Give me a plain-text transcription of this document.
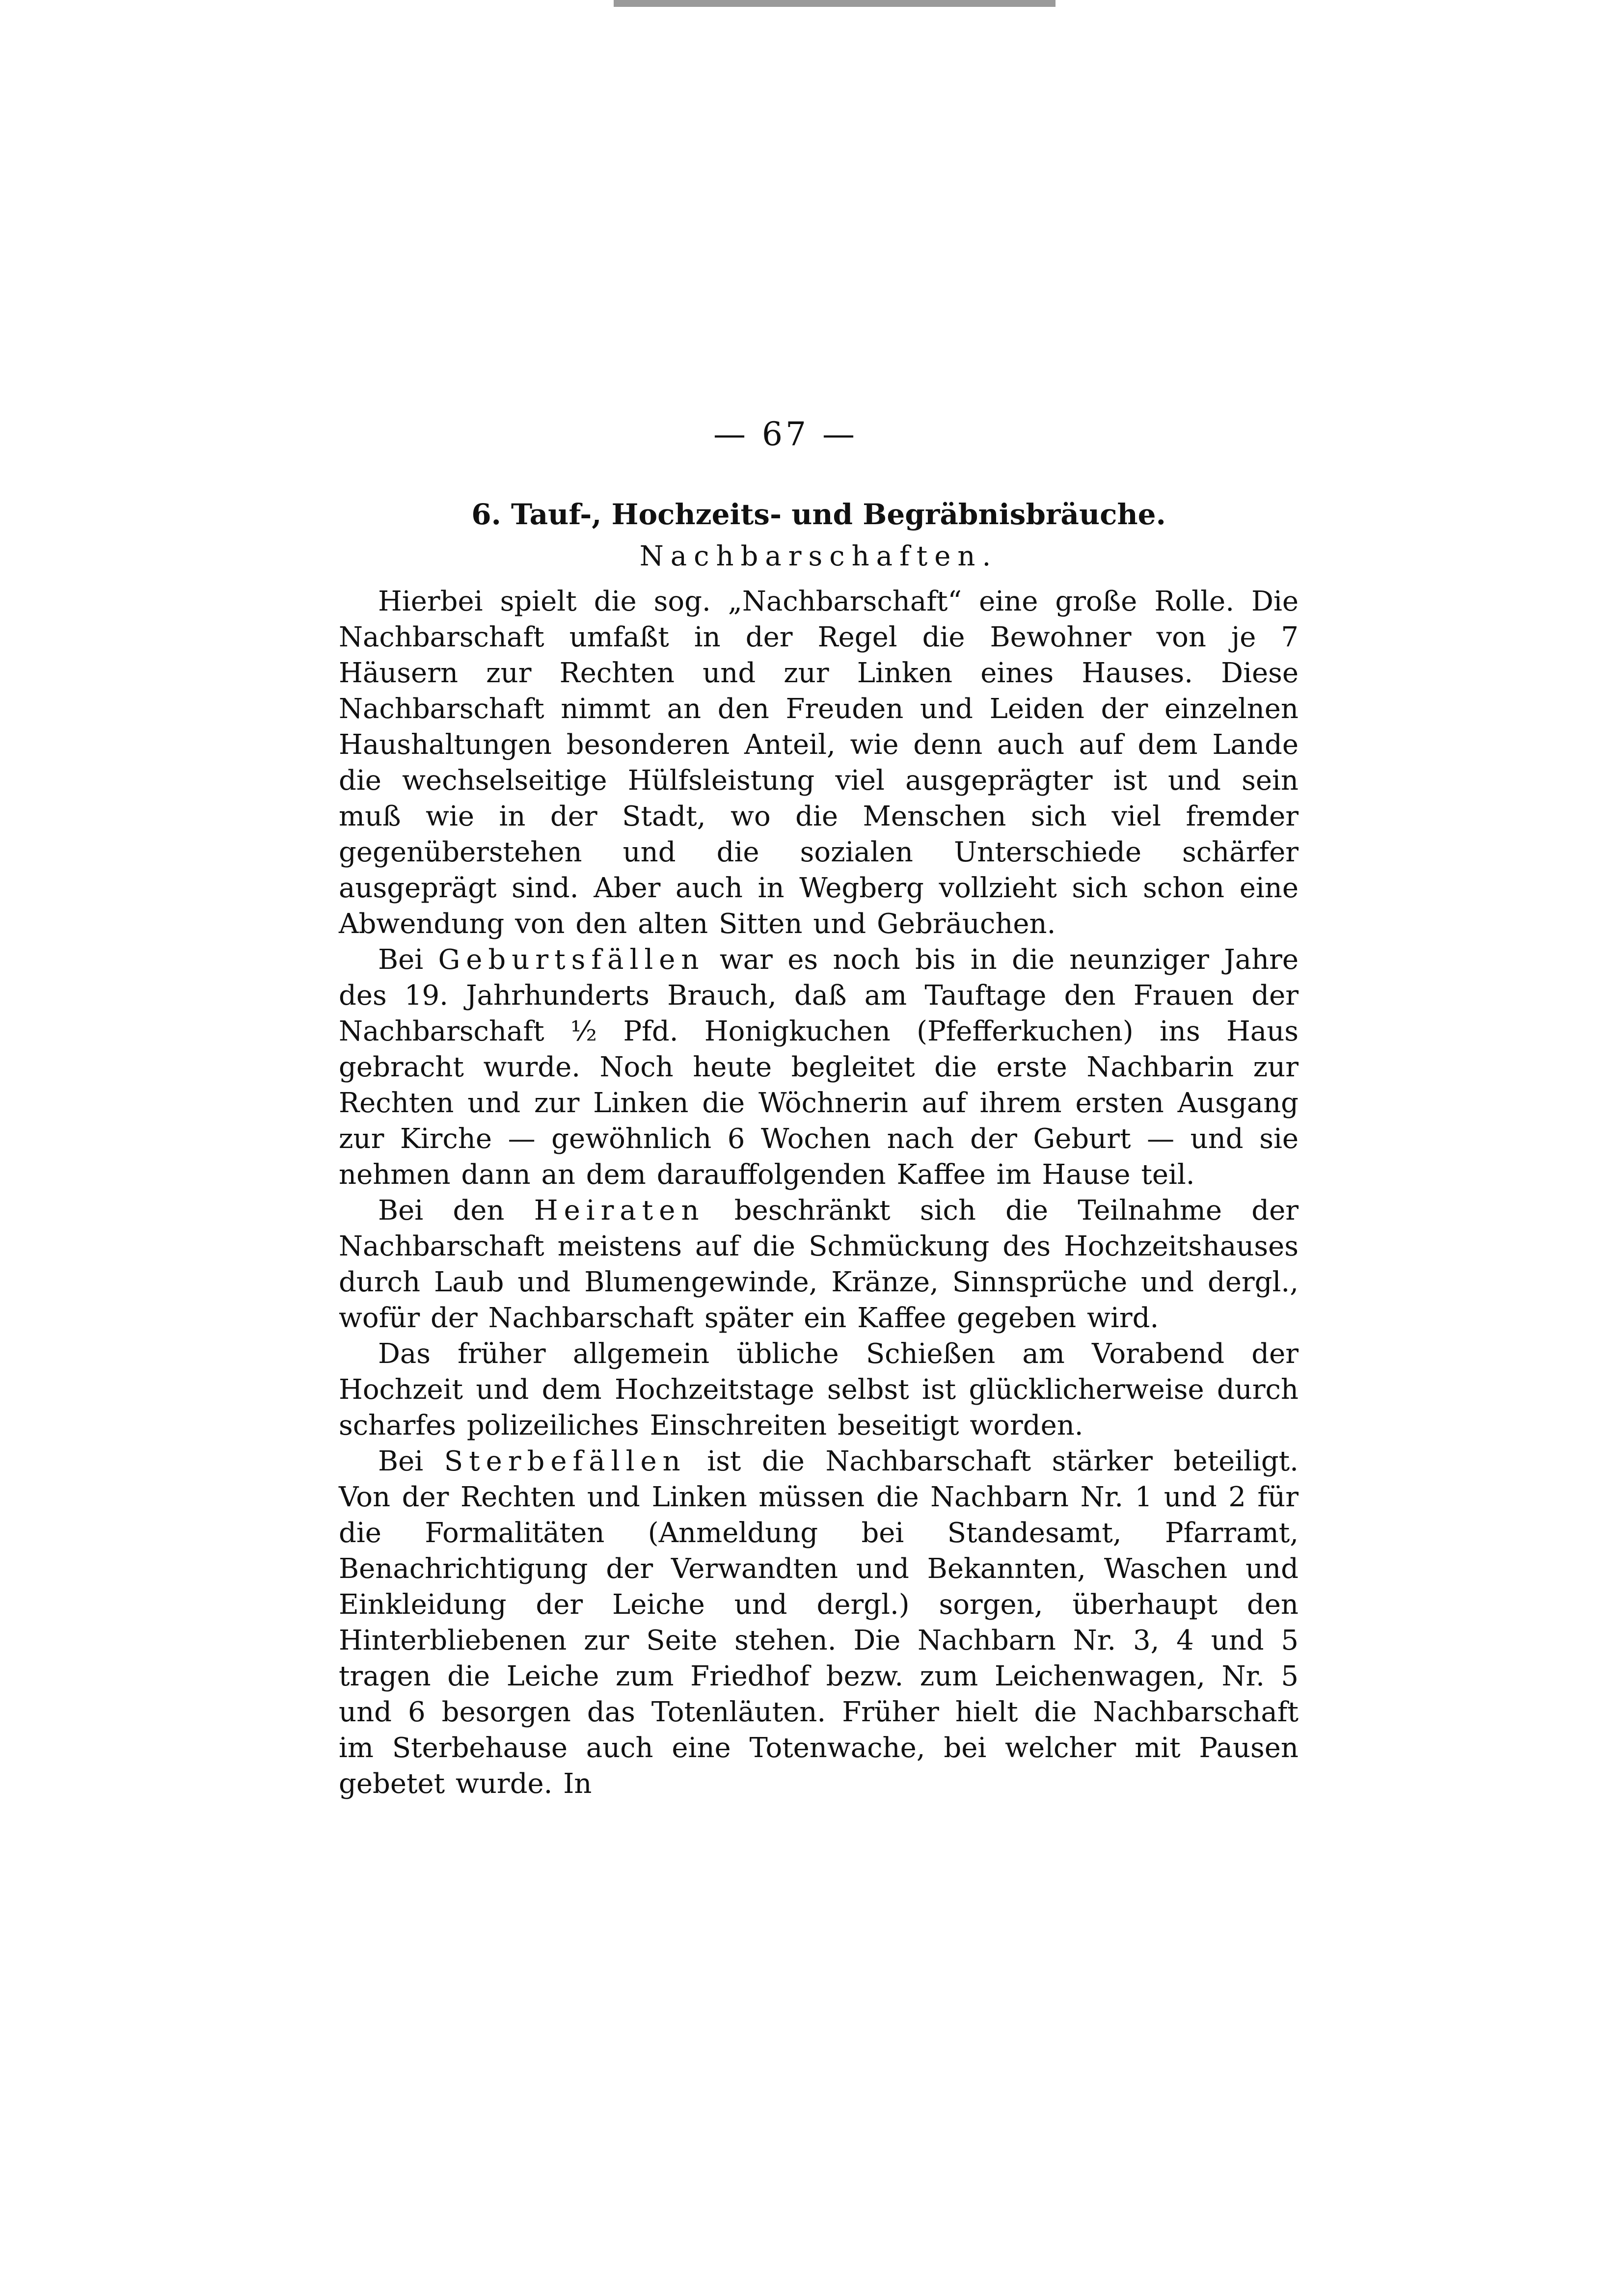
— 67 —

6. Tauf-, Hochzeits- und Begräbnisbräuche.

Nachbarschaften.

Hierbei spielt die sog. „Nachbarschaft“ eine große Rolle. Die Nachbarschaft umfaßt in der Regel die Bewohner von je 7 Häusern zur Rechten und zur Linken eines Hauses. Diese Nachbarschaft nimmt an den Freuden und Leiden der einzelnen Haushaltungen besonderen Anteil, wie denn auch auf dem Lande die wechselseitige Hülfsleistung viel ausgeprägter ist und sein muß wie in der Stadt, wo die Menschen sich viel fremder gegenüberstehen und die sozialen Unterschiede schärfer ausgeprägt sind. Aber auch in Wegberg vollzieht sich schon eine Abwendung von den alten Sitten und Gebräuchen.

Bei Geburtsfällen war es noch bis in die neunziger Jahre des 19. Jahrhunderts Brauch, daß am Tauftage den Frauen der Nachbarschaft ½ Pfd. Honigkuchen (Pfefferkuchen) ins Haus gebracht wurde. Noch heute begleitet die erste Nachbarin zur Rechten und zur Linken die Wöchnerin auf ihrem ersten Ausgang zur Kirche — gewöhnlich 6 Wochen nach der Geburt — und sie nehmen dann an dem darauffolgenden Kaffee im Hause teil.

Bei den Heiraten beschränkt sich die Teilnahme der Nachbarschaft meistens auf die Schmückung des Hochzeitshauses durch Laub und Blumengewinde, Kränze, Sinnsprüche und dergl., wofür der Nachbarschaft später ein Kaffee gegeben wird.

Das früher allgemein übliche Schießen am Vorabend der Hochzeit und dem Hochzeitstage selbst ist glücklicherweise durch scharfes polizeiliches Einschreiten beseitigt worden.

Bei Sterbefällen ist die Nachbarschaft stärker beteiligt. Von der Rechten und Linken müssen die Nachbarn Nr. 1 und 2 für die Formalitäten (Anmeldung bei Standesamt, Pfarramt, Benachrichtigung der Verwandten und Bekannten, Waschen und Einkleidung der Leiche und dergl.) sorgen, überhaupt den Hinterbliebenen zur Seite stehen. Die Nachbarn Nr. 3, 4 und 5 tragen die Leiche zum Friedhof bezw. zum Leichenwagen, Nr. 5 und 6 besorgen das Totenläuten. Früher hielt die Nachbarschaft im Sterbehause auch eine Totenwache, bei welcher mit Pausen gebetet wurde. In
